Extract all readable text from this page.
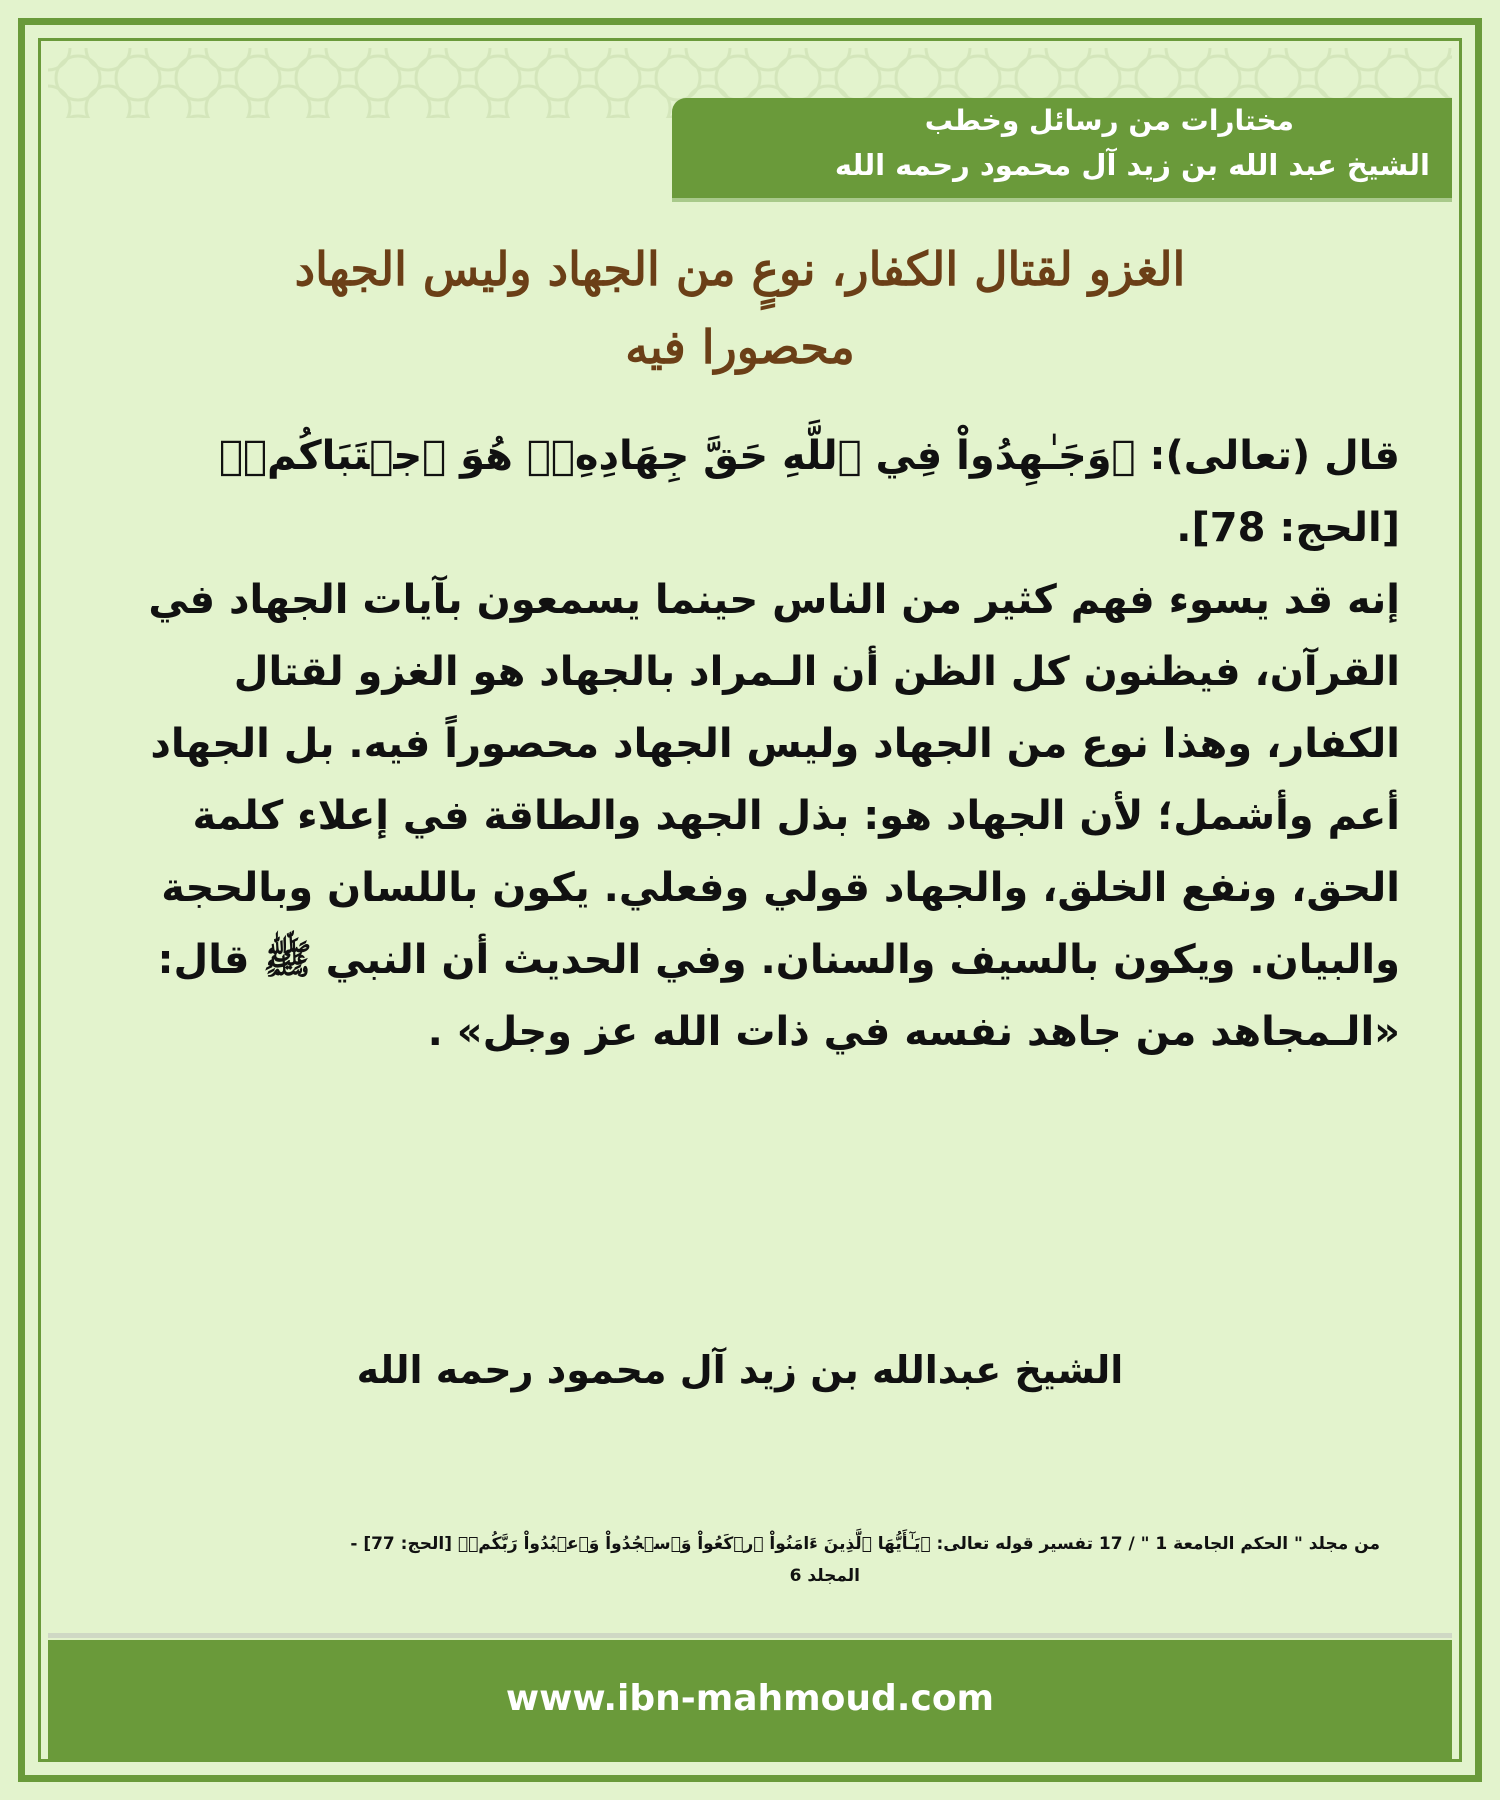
مختارات من رسائل وخطب
الشيخ عبد الله بن زيد آل محمود رحمه الله
الغزو لقتال الكفار، نوعٍ من الجهاد وليس الجهاد
محصورا فيه

قال (تعالى): ﴿وَجَـٰهِدُواْ فِي ٱللَّهِ حَقَّ جِهَادِهِۦۚ هُوَ ٱجۡتَبَاكُمۡ﴾

[الحج: 78].

إنه قد يسوء فهم كثير من الناس حينما يسمعون بآيات الجهاد في القرآن، فيظنون كل الظن أن الـمراد بالجهاد هو الغزو لقتال الكفار، وهذا نوع من الجهاد وليس الجهاد محصوراً فيه. بل الجهاد أعم وأشمل؛ لأن الجهاد هو: بذل الجهد والطاقة في إعلاء كلمة الحق، ونفع الخلق، والجهاد قولي وفعلي. يكون باللسان وبالحجة والبيان. ويكون بالسيف والسنان. وفي الحديث أن النبي ﷺ قال: «الـمجاهد من جاهد نفسه في ذات الله عز وجل» .

الشيخ عبدالله بن زيد آل محمود رحمه الله
من مجلد " الحكم الجامعة 1 " / 17 تفسير قوله تعالى: ﴿يَـٰٓأَيُّهَا ٱلَّذِينَ ءَامَنُواْ ٱرۡكَعُواْ وَٱسۡجُدُواْ وَٱعۡبُدُواْ رَبَّكُمۡ﴾ [الحج: 77] -
المجلد 6
www.ibn-mahmoud.com
